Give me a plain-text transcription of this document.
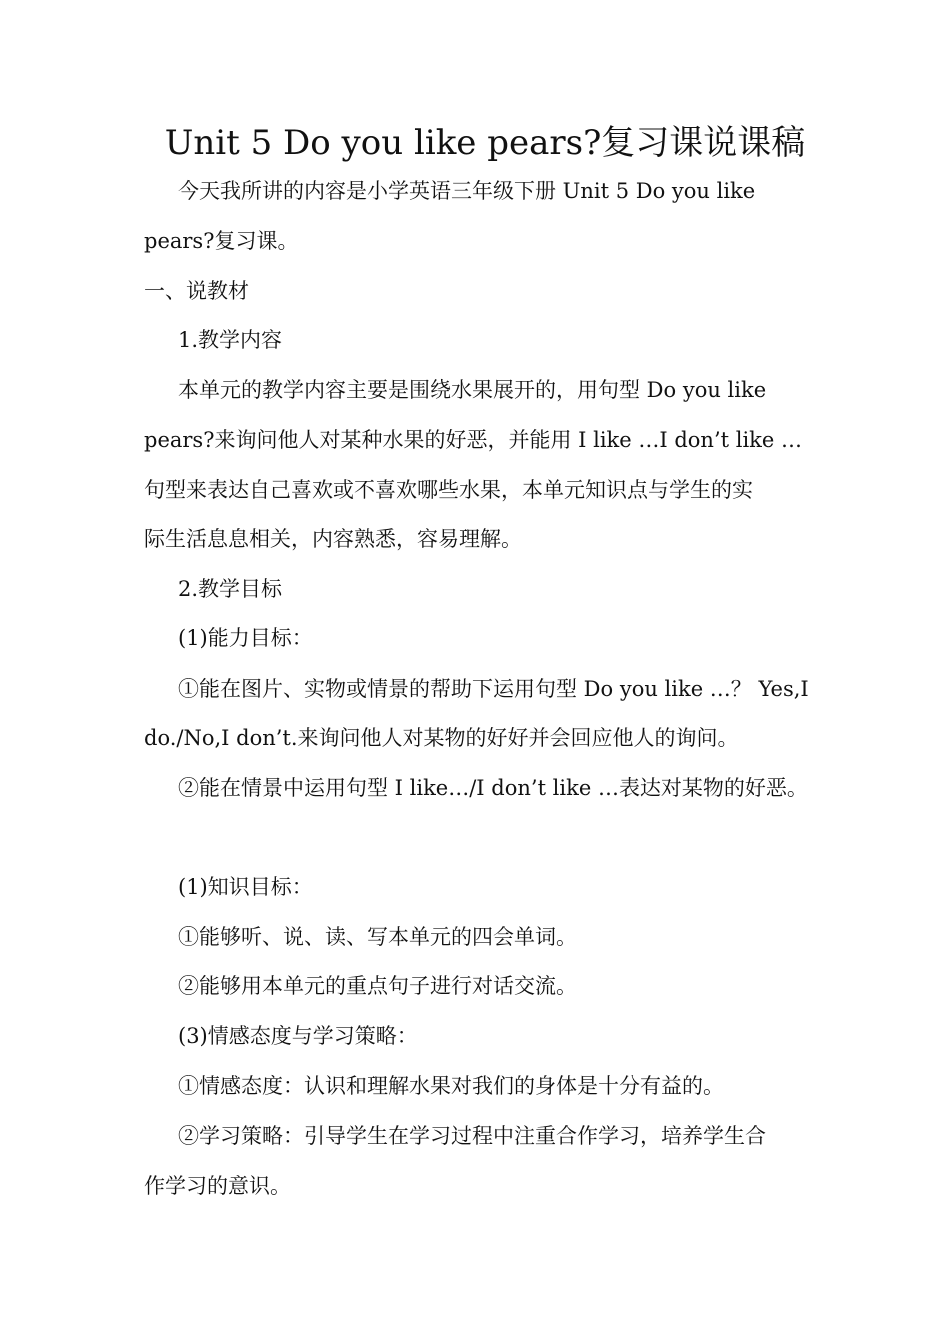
Unit 5 Do you like pears?复习课说课稿
今天我所讲的内容是小学英语三年级下册 Unit 5 Do you like
pears?复习课。
一、说教材
1.教学内容
本单元的教学内容主要是围绕水果展开的，用句型 Do you like
pears?来询问他人对某种水果的好恶，并能用 I like …I don’t like …
句型来表达自己喜欢或不喜欢哪些水果，本单元知识点与学生的实
际生活息息相关，内容熟悉，容易理解。
2.教学目标
(1)能力目标：
①能在图片、实物或情景的帮助下运用句型 Do you like …？ Yes,I
do./No,I don’t.来询问他人对某物的好好并会回应他人的询问。
②能在情景中运用句型 I like…/I don’t like …表达对某物的好恶。
(1)知识目标：
①能够听、说、读、写本单元的四会单词。
②能够用本单元的重点句子进行对话交流。
(3)情感态度与学习策略：
①情感态度：认识和理解水果对我们的身体是十分有益的。
②学习策略：引导学生在学习过程中注重合作学习，培养学生合
作学习的意识。
